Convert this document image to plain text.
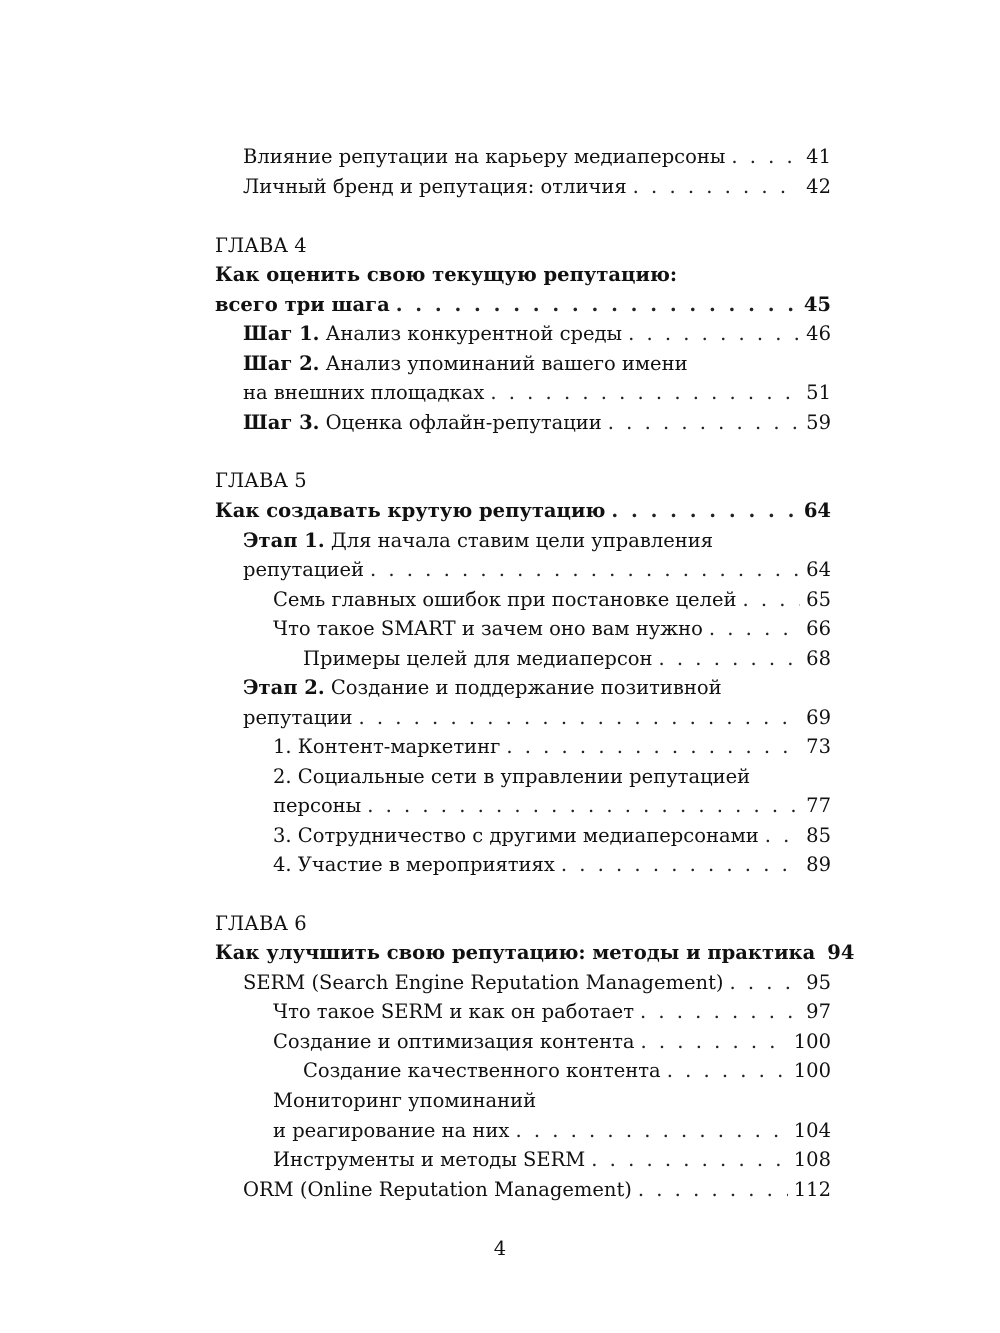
Влияние репутации на карьеру медиаперсоны . . .	41
Личный бренд и репутация: отличия . . .	42
ГЛАВА 4
Как оценить свою текущую репутацию:
всего три шага . . .	45
Шаг 1. Анализ конкурентной среды . . .	46
Шаг 2. Анализ упоминаний вашего имени
на внешних площадках . . .	51
Шаг 3. Оценка офлайн-репутации . . .	59
ГЛАВА 5
Как создавать крутую репутацию . . .	64
Этап 1. Для начала ставим цели управления
репутацией . . .	64
Семь главных ошибок при постановке целей . . .	65
Что такое SMART и зачем оно вам нужно . . .	66
Примеры целей для медиаперсон . . .	68
Этап 2. Создание и поддержание позитивной
репутации . . .	69
1. Контент-маркетинг . . .	73
2. Социальные сети в управлении репутацией
персоны . . .	77
3. Сотрудничество с другими медиаперсонами . . . 85
4. Участие в мероприятиях . . .	89
ГЛАВА 6
Как улучшить свою репутацию: методы и практика 94
SERM (Search Engine Reputation Management) . . .	95
Что такое SERM и как он работает . . .	97
Создание и оптимизация контента . . .	100
Создание качественного контента . . .	100
Мониторинг упоминаний
и реагирование на них . . .	104
Инструменты и методы SERM . . .	108
ORM (Online Reputation Management) . . .	112
4
